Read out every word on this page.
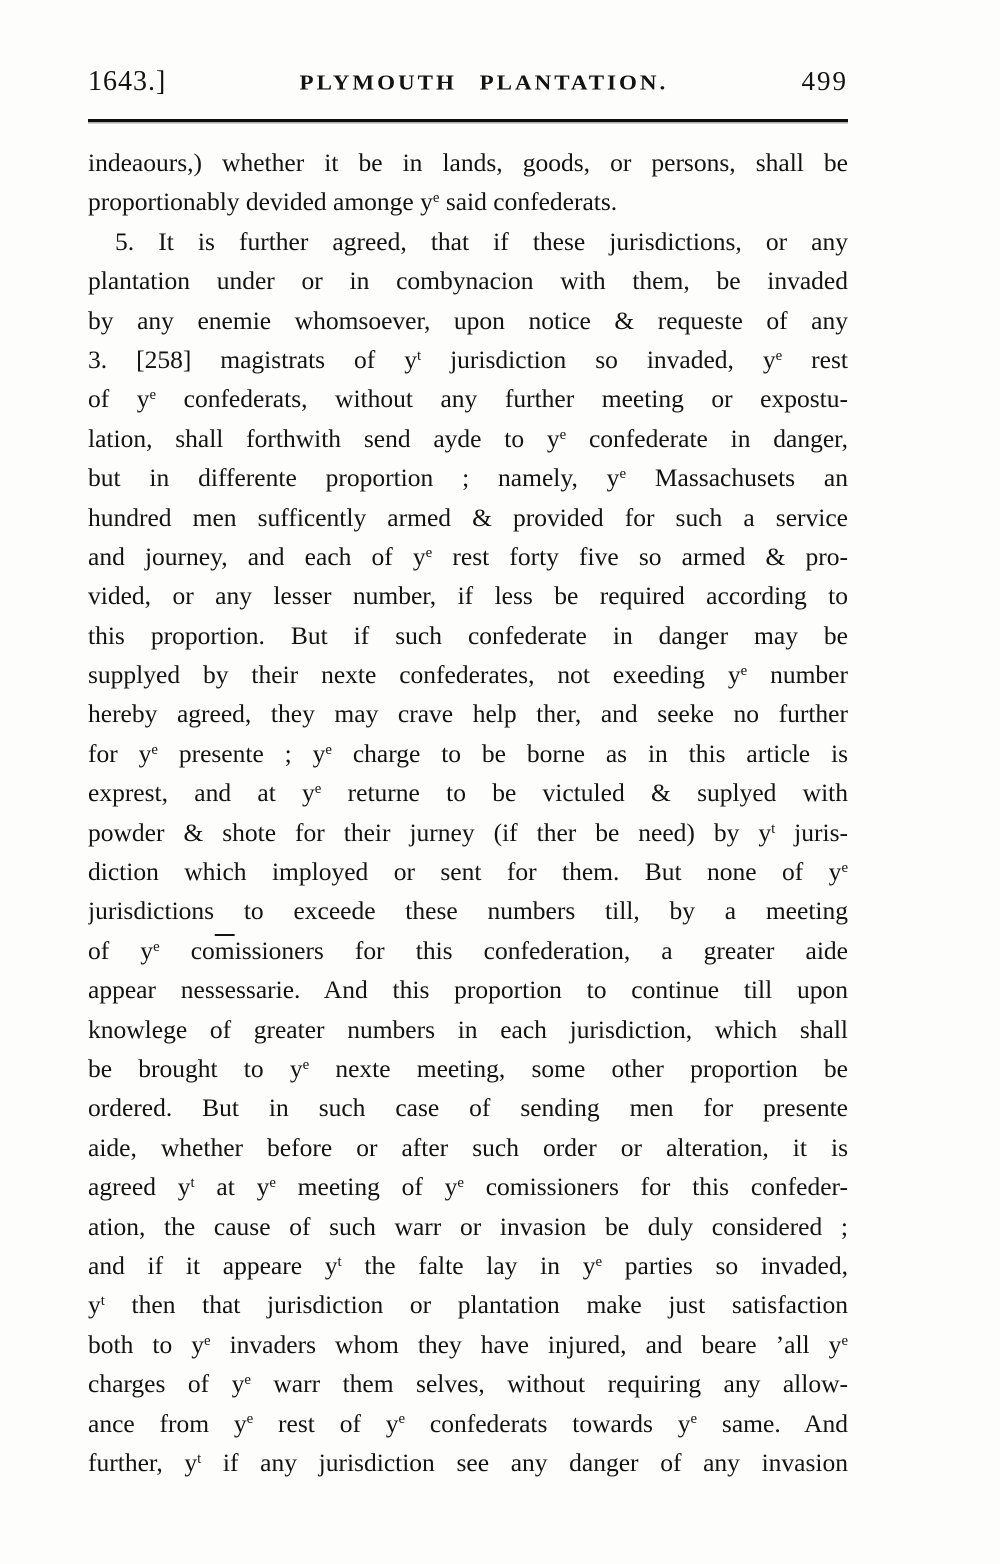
1643.]	PLYMOUTH PLANTATION.	499
indeaours,) whether it be in lands, goods, or persons, shall be
proportionably devided amonge ye said confederats.
5. It is further agreed, that if these jurisdictions, or any
plantation under or in combynacion with them, be invaded
by any enemie whomsoever, upon notice & requeste of any
3. [258] magistrats of yt jurisdiction so invaded, ye rest
of ye confederats, without any further meeting or expostu-
lation, shall forthwith send ayde to ye confederate in danger,
but in differente proportion ; namely, ye Massachusets an
hundred men sufficently armed & provided for such a service
and journey, and each of ye rest forty five so armed & pro-
vided, or any lesser number, if less be required according to
this proportion. But if such confederate in danger may be
supplyed by their nexte confederates, not exeeding ye number
hereby agreed, they may crave help ther, and seeke no further
for ye presente ; ye charge to be borne as in this article is
exprest, and at ye returne to be victuled & suplyed with
powder & shote for their jurney (if ther be need) by yt juris-
diction which imployed or sent for them. But none of ye
jurisdictions to exceede these numbers till, by a meeting
of ye $co\overline{m}issioners$ for this confederation, a greater aide
appear nessessarie. And this proportion to continue till upon
knowlege of greater numbers in each jurisdiction, which shall
be brought to ye nexte meeting, some other proportion be
ordered. But in such case of sending men for presente
aide, whether before or after such order or alteration, it is
agreed yt at ye meeting of ye comissioners for this confeder-
ation, the cause of such warr or invasion be duly considered ;
and if it appeare yt the falte lay in ye parties so invaded,
yt then that jurisdiction or plantation make just satisfaction
both to ye invaders whom they have injured, and beare ’all ye
charges of ye warr them selves, without requiring any allow-
ance from ye rest of ye confederats towards ye same. And
further, yt if any jurisdiction see any danger of any invasion
